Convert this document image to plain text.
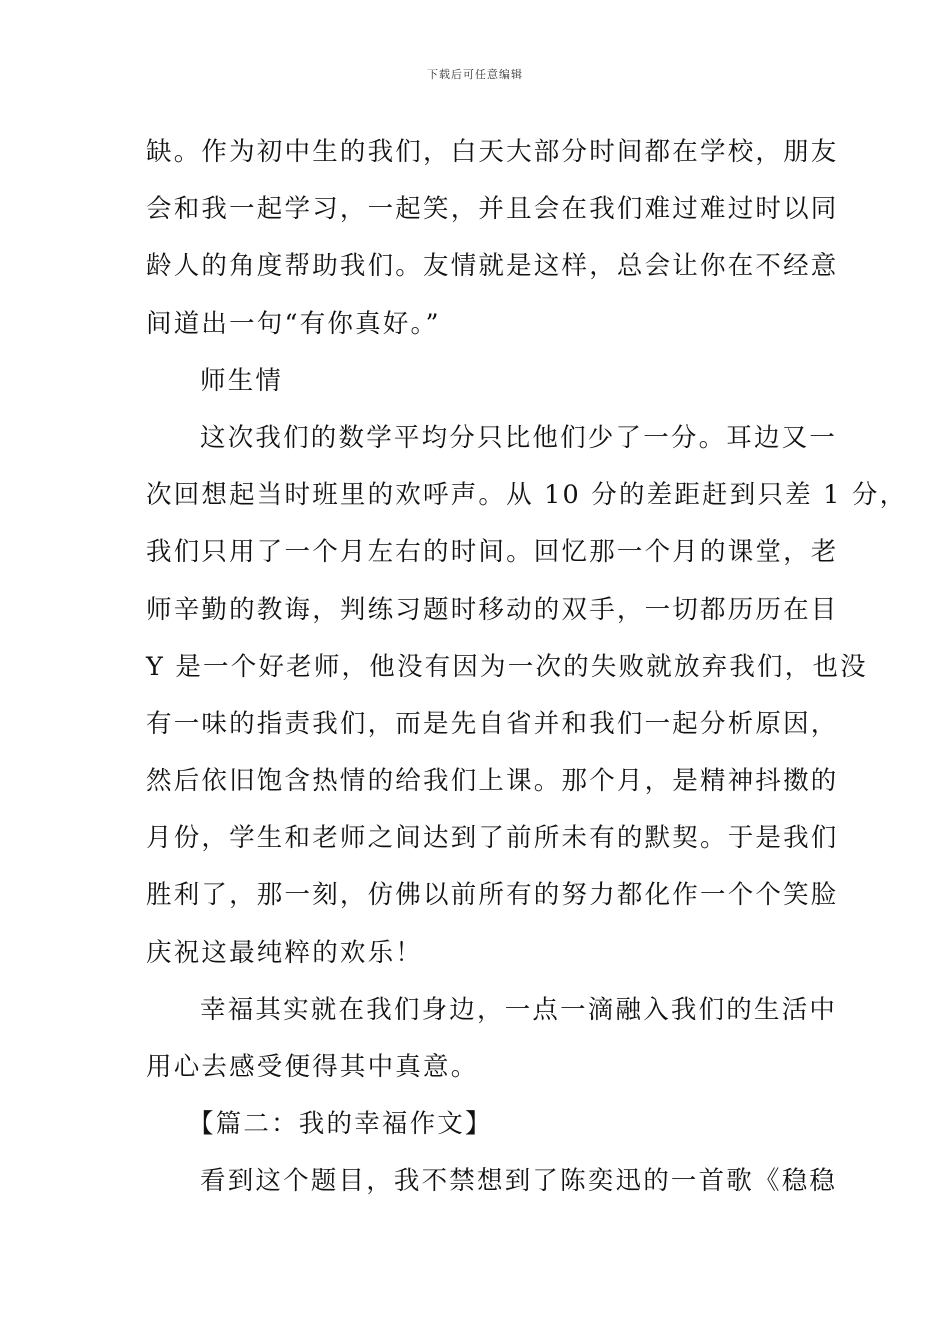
下载后可任意编辑
缺。作为初中生的我们，白天大部分时间都在学校，朋友
会和我一起学习，一起笑，并且会在我们难过难过时以同
龄人的角度帮助我们。友情就是这样，总会让你在不经意
间道出一句“有你真好。”
师生情
这次我们的数学平均分只比他们少了一分。耳边又一
次回想起当时班里的欢呼声。从 10 分的差距赶到只差 1 分，
我们只用了一个月左右的时间。回忆那一个月的课堂，老
师辛勤的教诲，判练习题时移动的双手，一切都历历在目
Y 是一个好老师，他没有因为一次的失败就放弃我们，也没
有一味的指责我们，而是先自省并和我们一起分析原因，
然后依旧饱含热情的给我们上课。那个月，是精神抖擞的
月份，学生和老师之间达到了前所未有的默契。于是我们
胜利了，那一刻，仿佛以前所有的努力都化作一个个笑脸
庆祝这最纯粹的欢乐！
幸福其实就在我们身边，一点一滴融入我们的生活中
用心去感受便得其中真意。
【篇二：我的幸福作文】
看到这个题目，我不禁想到了陈奕迅的一首歌《稳稳
